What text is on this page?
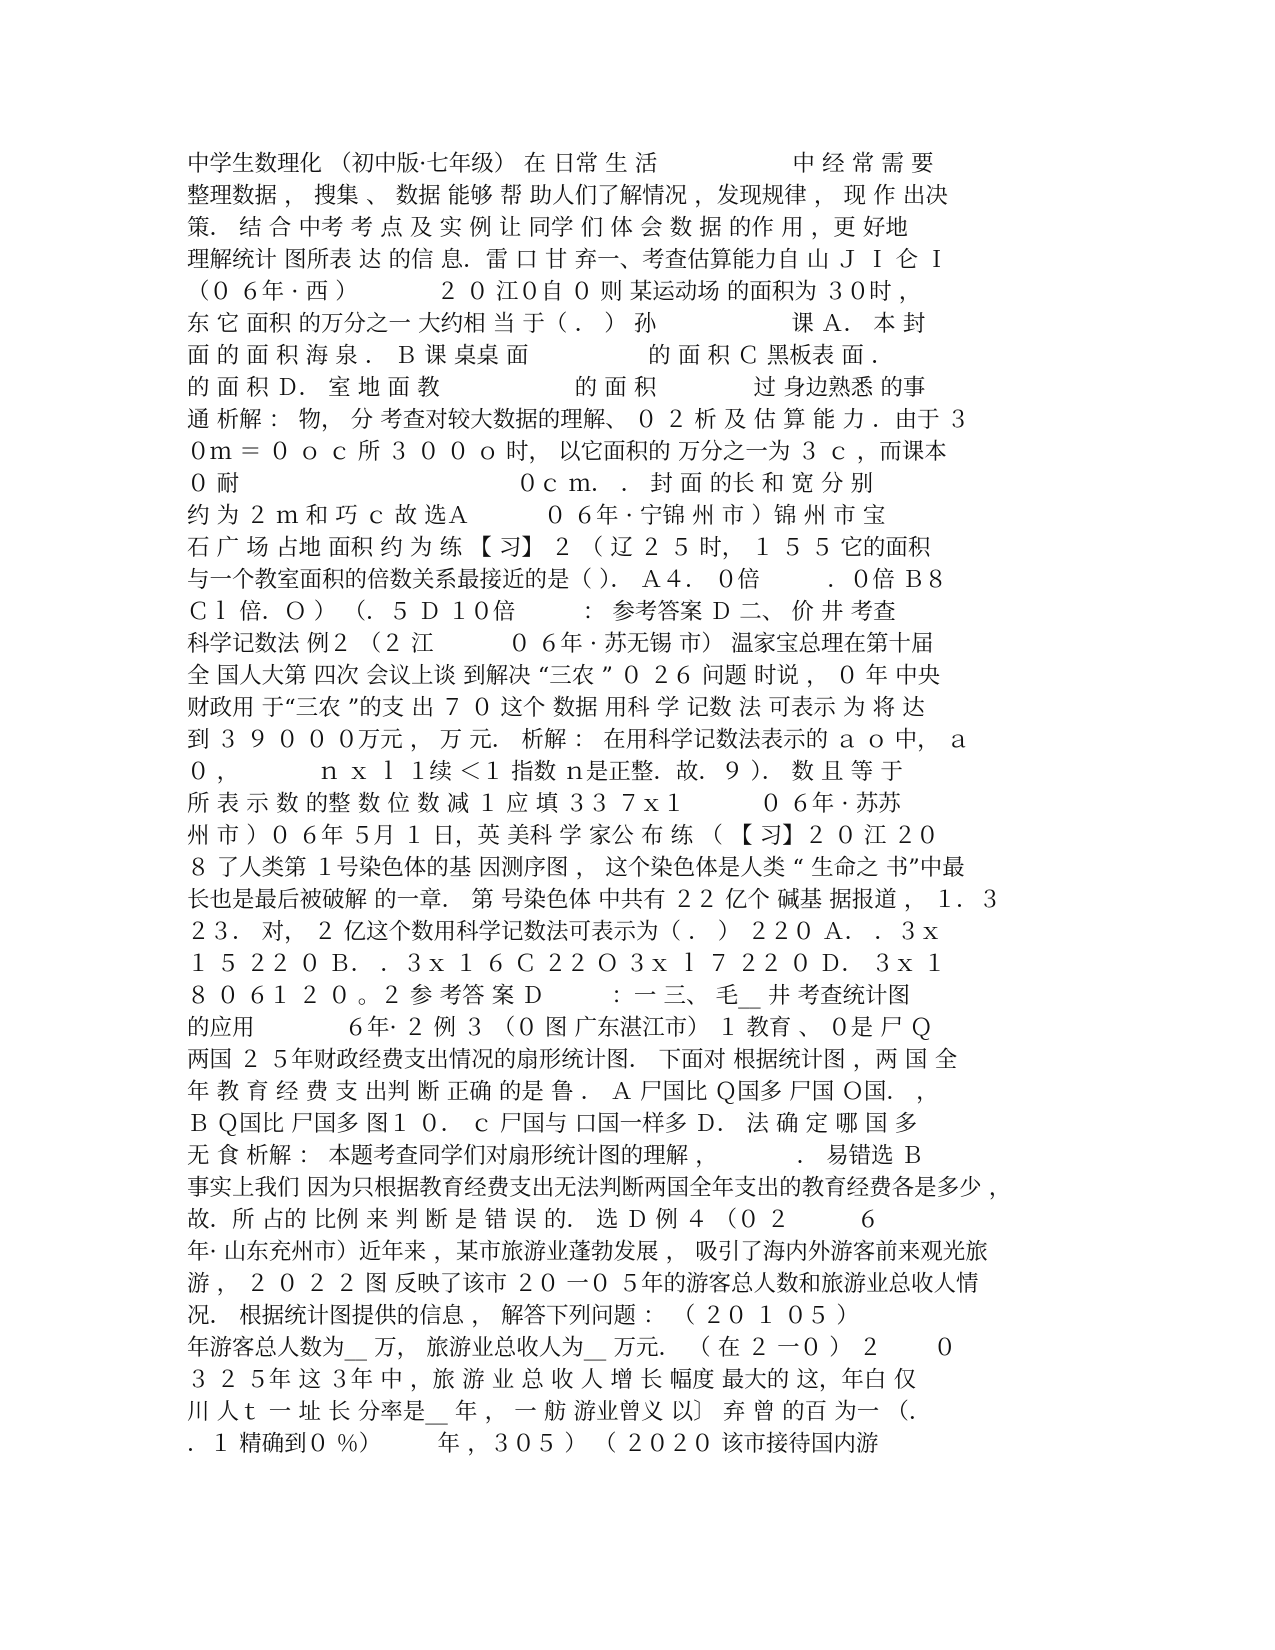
中学生数理化 （初中版·七年级） 在 日常 生 活　　　　　　中 经 常 需 要
整理数据 ， 搜集 、 数据 能够 帮 助人们了解情况 ，发现规律 ， 现 作 出决
策． 结 合 中考 考 点 及 实 例 让 同学 们 体 会 数 据 的作 用 ，更 好地
理解统计 图所表 达 的信 息．雷 口 甘 弃一、考查估算能力自 山 Ｊ Ｉ 仑 Ｉ
（０ ６年 · 西 ）　　　　２ ０ 江０自 ０ 则 某运动场 的面积为 ３０时 ，
东 它 面积 的万分之一 大约相 当 于（ ． ） 孙　　　　　　课 Ａ． 本 封
面 的 面 积 海 泉 ． Ｂ 课 桌桌 面　　　　　 的 面 积 Ｃ 黑板表 面 ．
的 面 积 Ｄ． 室 地 面 教　　　　　　的 面 积　　　　 过 身边熟悉 的事
通 析解 ： 物， 分 考查对较大数据的理解、 ０ ２ 析 及 估 算 能 力 ．由于 ３
０ｍ ＝ ０ ｏ ｃ 所 ３ ０ ０ ｏ 时， 以它面积的 万分之一为 ３ ｃ ，而课本
０ 耐　　　　　　　　　　　　 ０ｃ ｍ． ． 封 面 的长 和 宽 分 别
约 为 ２ ｍ 和 巧 ｃ 故 选Ａ　　　 ０ ６年 · 宁锦 州 市 ）锦 州 市 宝
石 广 场 占地 面积 约 为 练 【 习】 ２ （ 辽 ２ ５ 时， １ ５ ５ 它的面积
与一个教室面积的倍数关系最接近的是（ ）． Ａ４． ０倍　　　．０倍 Ｂ８
Ｃｌ 倍．Ｏ ） （．５ Ｄ １０倍　　　： 参考答案 Ｄ 二、 价 井 考查
科学记数法 例２ （２ 江　　　 ０ ６年 · 苏无锡 市） 温家宝总理在第十届
全 国人大第 四次 会议上谈 到解决 “三农 ” ０ ２６ 问题 时说 ， ０ 年 中央
财政用 于“三农 ”的支 出 ７ ０ 这个 数据 用科 学 记数 法 可表示 为 将 达
到 ３ ９ ０ ０ ０万元 ， 万 元． 析解 ： 在用科学记数法表示的 ａ ｏ 中， ａ
０ ，　　　　ｎ ｘ ｌ １续 ＜１ 指数 ｎ是正整．故．９ ）． 数 且 等 于
所 表 示 数 的整 数 位 数 减 １ 应 填 ３３ ７ｘ１　　　 ０ ６年 · 苏苏
州 市 ）０ ６年 ５月 １ 日，英 美科 学 家公 布 练 （ 【 习】２ ０ 江 ２０
８ 了人类第 １号染色体的基 因测序图 ， 这个染色体是人类 “ 生命之 书”中最
长也是最后被破解 的一章． 第 号染色体 中共有 ２２ 亿个 碱基 据报道 ， １．３
２３． 对， ２ 亿这个数用科学记数法可表示为（ ． ） ２２０ Ａ． ．３ｘ
１ ５ ２２ ０ Ｂ． ．３ｘ １ ６ Ｃ ２２ Ｏ ３ｘ ｌ ７ ２２ ０ Ｄ． ３ｘ １
８ ０ ６１ ２ ０ 。２ 参 考答 案 Ｄ　　　：一 三、 毛__ 井 考查统计图
的应用　　　　６年· ２ 例 ３ （０ 图 广东湛江市） １ 教育 、 ０是 尸 Ｑ
两国 ２ ５年财政经费支出情况的扇形统计图． 下面对 根据统计图 ，两 国 全
年 教 育 经 费 支 出判 断 正确 的是 鲁 ． Ａ 尸国比 Ｑ国多 尸国 Ｏ国． ，
Ｂ Ｑ国比 尸国多 图１ ０． ｃ 尸国与 口国一样多 Ｄ． 法 确 定 哪 国 多
无 食 析解 ： 本题考查同学们对扇形统计图的理解 ，　　　　． 易错选 Ｂ
事实上我们 因为只根据教育经费支出无法判断两国全年支出的教育经费各是多少 ，
故．所 占的 比例 来 判 断 是 错 误 的． 选 Ｄ 例 ４ （０ ２　　　６
年· 山东充州市）近年来 ，某市旅游业蓬勃发展 ， 吸引了海内外游客前来观光旅
游 ， ２ ０ ２ ２ 图 反映了该市 ２０ 一０ ５年的游客总人数和旅游业总收人情
况． 根据统计图提供的信息 ， 解答下列问题 ： （ ２０ １ ０５ ）
年游客总人数为__ 万， 旅游业总收人为__ 万元． （ 在 ２ 一０ ） ２　　 ０
３ ２ ５年 这 ３年 中 ，旅 游 业 总 收 人 增 长 幅度 最大的 这，年白 仅
川 人ｔ 一 址 长 分率是__ 年 ， 一 舫 游业曾义 以〕 弃 曾 的百 为一 （．
．１ 精确到０ ％）　　　年 ，３０５ ） （ ２０２０ 该市接待国内游
